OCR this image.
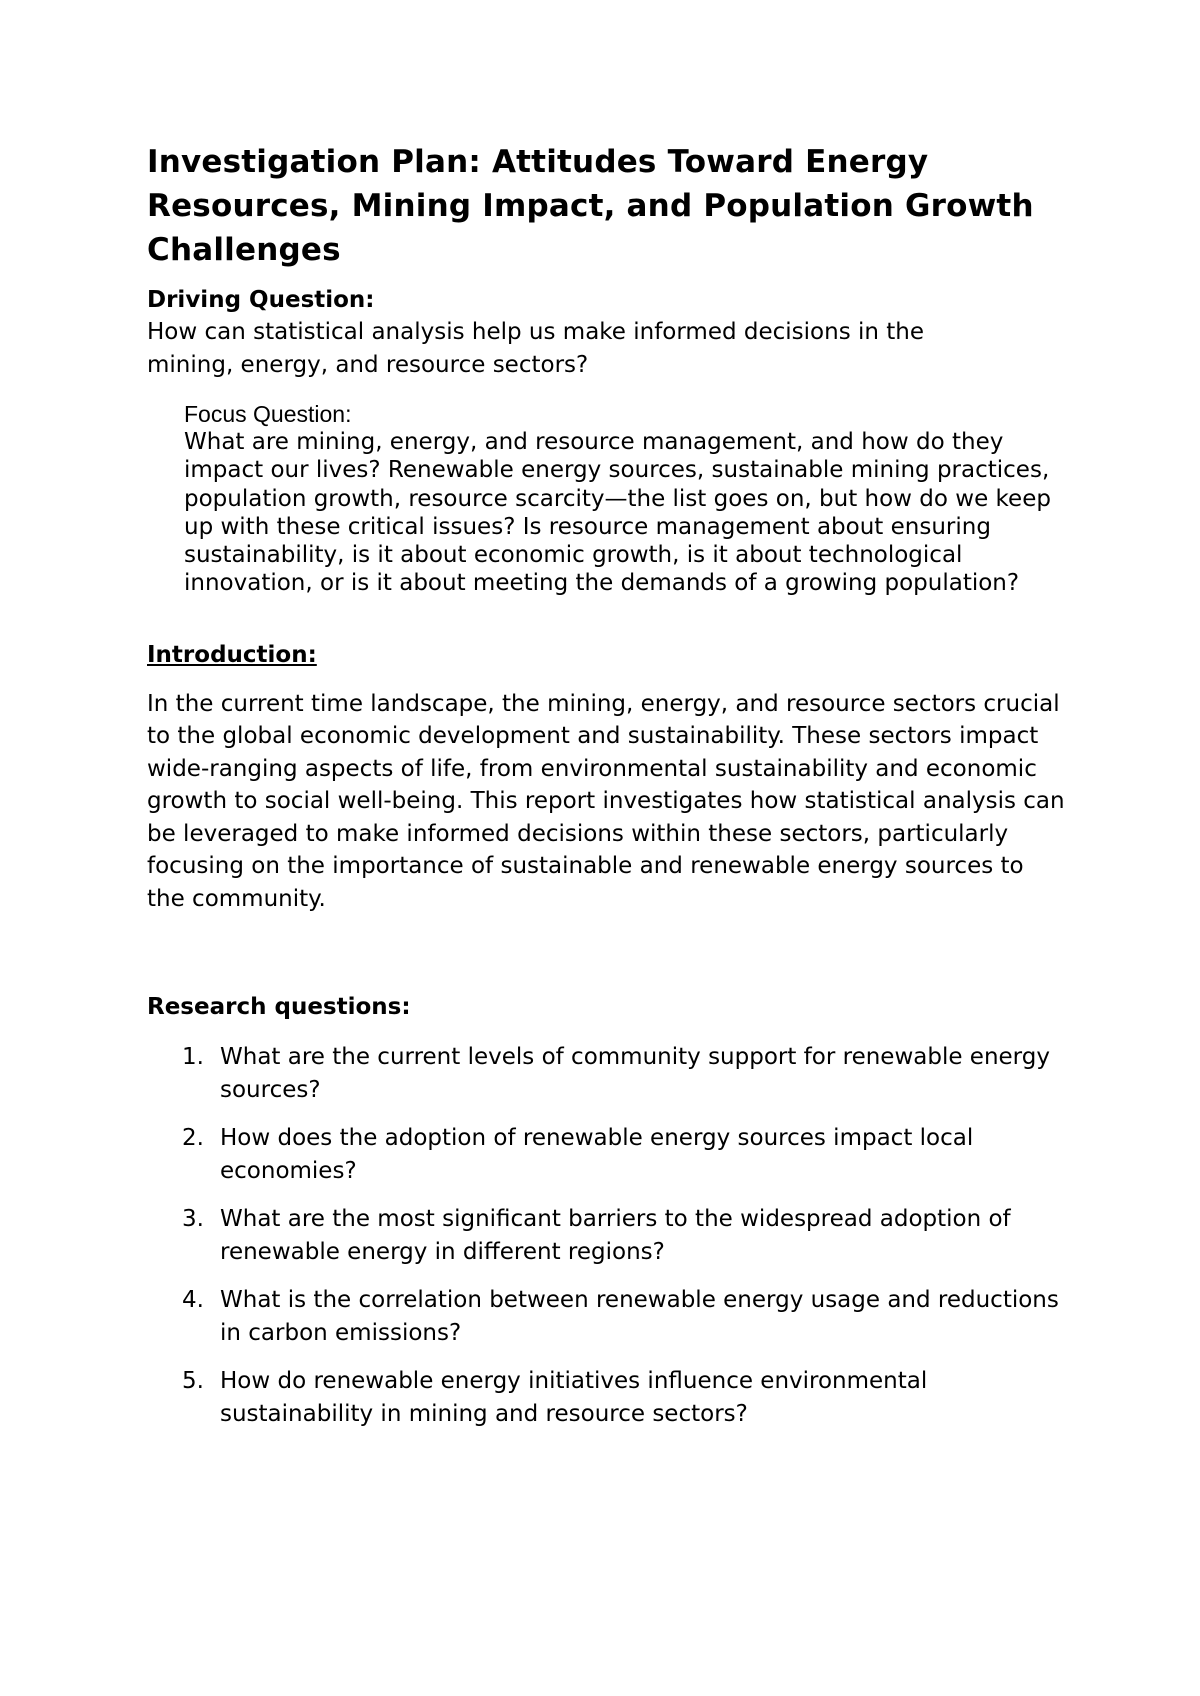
Investigation Plan: Attitudes Toward Energy Resources, Mining Impact, and Population Growth Challenges
Driving Question:

How can statistical analysis help us make informed decisions in the mining, energy, and resource sectors?

Focus Question:

What are mining, energy, and resource management, and how do they impact our lives? Renewable energy sources, sustainable mining practices, population growth, resource scarcity—the list goes on, but how do we keep up with these critical issues? Is resource management about ensuring sustainability, is it about economic growth, is it about technological innovation, or is it about meeting the demands of a growing population?

Introduction:
In the current time landscape, the mining, energy, and resource sectors crucial to the global economic development and sustainability. These sectors impact wide-ranging aspects of life, from environmental sustainability and economic growth to social well-being. This report investigates how statistical analysis can be leveraged to make informed decisions within these sectors, particularly focusing on the importance of sustainable and renewable energy sources to the community.
Research questions:
1. What are the current levels of community support for renewable energy sources?
2. How does the adoption of renewable energy sources impact local economies?
3. What are the most significant barriers to the widespread adoption of renewable energy in different regions?
4. What is the correlation between renewable energy usage and reductions in carbon emissions?
5. How do renewable energy initiatives influence environmental sustainability in mining and resource sectors?
